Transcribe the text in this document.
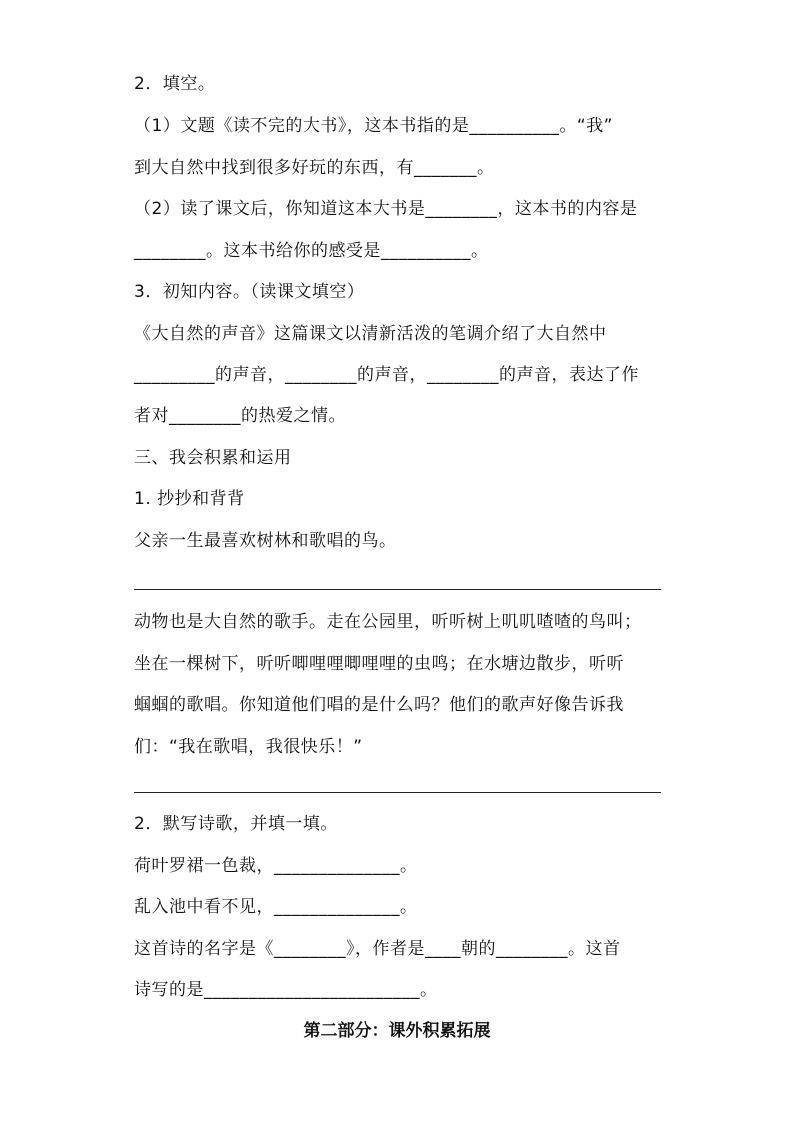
2．填空。
（1）文题《读不完的大书》，这本书指的是__________。“我”
到大自然中找到很多好玩的东西，有_______。
（2）读了课文后，你知道这本大书是________，这本书的内容是
________。这本书给你的感受是__________。
3．初知内容。（读课文填空）
《大自然的声音》这篇课文以清新活泼的笔调介绍了大自然中
_________的声音，________的声音，________的声音，表达了作
者对________的热爱之情。
三、我会积累和运用
1. 抄抄和背背
父亲一生最喜欢树林和歌唱的鸟。
动物也是大自然的歌手。走在公园里，听听树上叽叽喳喳的鸟叫；
坐在一棵树下，听听唧哩哩唧哩哩的虫鸣；在水塘边散步，听听
蝈蝈的歌唱。你知道他们唱的是什么吗？他们的歌声好像告诉我
们：“我在歌唱，我很快乐！”
2．默写诗歌，并填一填。
荷叶罗裙一色裁，______________。
乱入池中看不见，______________。
这首诗的名字是《________》，作者是____朝的________。这首
诗写的是________________________。
第二部分：课外积累拓展
